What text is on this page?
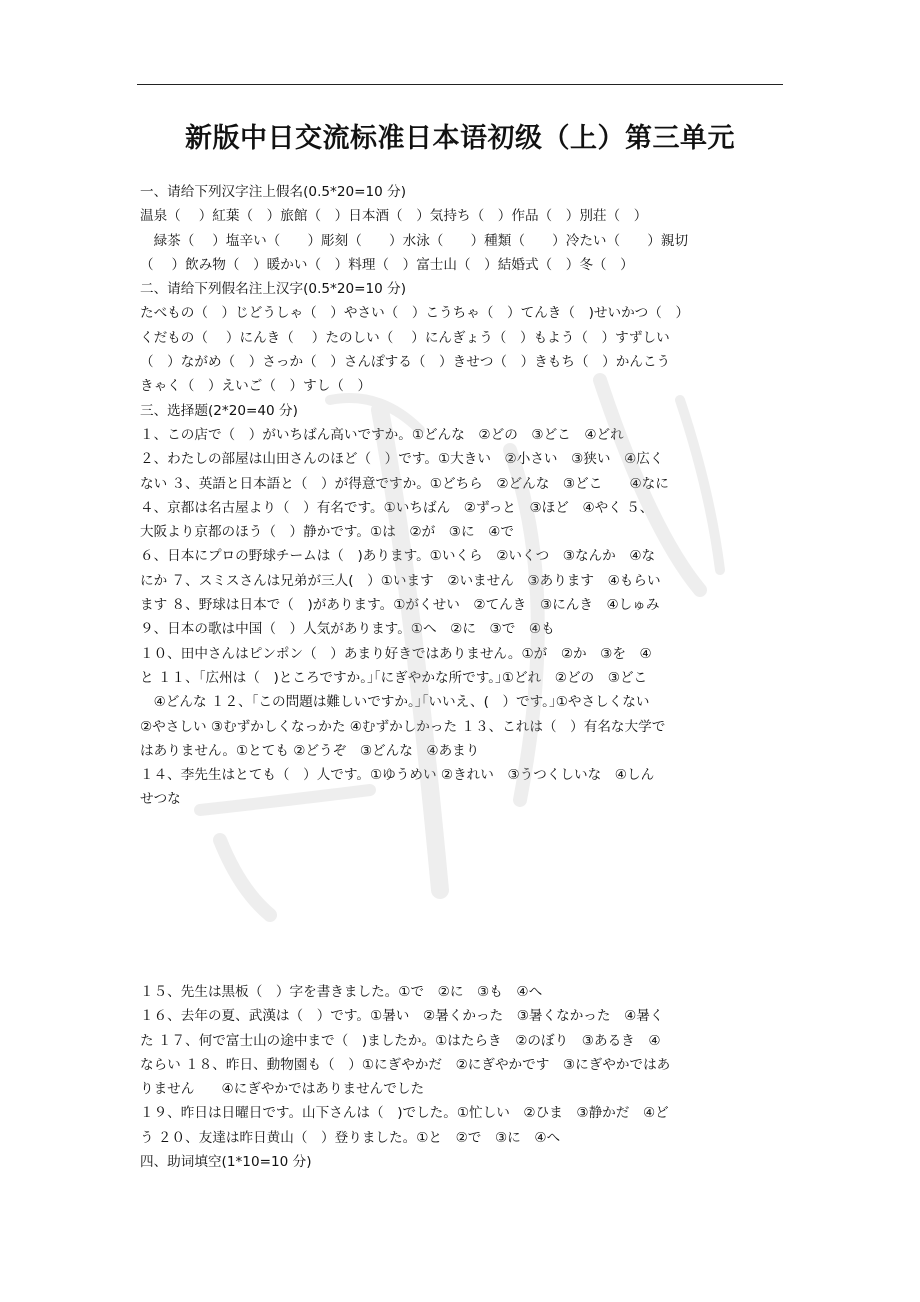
新版中日交流标准日本语初级（上）第三单元
一、请给下列汉字注上假名(0.5*20=10 分)
温泉（　 ）紅葉（　）旅館（　）日本酒（　）気持ち（　）作品（　）別荘（　）
　緑茶（　 ）塩辛い（　　）彫刻（　　）水泳（　　）種類（　　）冷たい（　　）親切
（　 ）飲み物（　）暖かい（　）料理（　）富士山（　）結婚式（　）冬（　）
二、请给下列假名注上汉字(0.5*20=10 分)
たべもの（　）じどうしゃ（　）やさい（　）こうちゃ（　）てんき（　)せいかつ（　）
くだもの（　 ）にんき（　 ）たのしい（　 ）にんぎょう（　）もよう（　）すずしい
（　）ながめ（　）さっか（　）さんぽする（　）きせつ（　）きもち（　）かんこう
きゃく（　）えいご（　）すし（　）
三、选择题(2*20=40 分)
１、この店で（　）がいちばん高いですか。①どんな　②どの　③どこ　④どれ
２、わたしの部屋は山田さんのほど（　）です。①大きい　②小さい　③狭い　④広く
ない ３、英語と日本語と（　）が得意ですか。①どちら　②どんな　③どこ　　④なに
４、京都は名古屋より（　）有名です。①いちばん　②ずっと　③ほど　④やく ５、
大阪より京都のほう（　）静かです。①は　②が　③に　④で
６、日本にプロの野球チームは（　)あります。①いくら　②いくつ　③なんか　④な
にか ７、スミスさんは兄弟が三人(　）①います　②いません　③あります　④もらい
ます ８、野球は日本で（　)があります。①がくせい　②てんき　③にんき　④しゅみ
９、日本の歌は中国（　）人気があります。①へ　②に　③で　④も
１０、田中さんはピンポン（　）あまり好きではありません。①が　②か　③を　④
と １１、｢広州は（　)ところですか。｣｢にぎやかな所です。｣①どれ　②どの　③どこ
　④どんな １２、｢この問題は難しいですか。｣｢いいえ、(　）です。｣①やさしくない
②やさしい ③むずかしくなっかた ④むずかしかった １３、これは（　）有名な大学で
はありません。①とても ②どうぞ　③どんな　④あまり
１４、李先生はとても（　）人です。①ゆうめい ②きれい　③うつくしいな　④しん
せつな
１５、先生は黒板（　）字を書きました。①で　②に　③も　④へ
１６、去年の夏、武漢は（　）です。①暑い　②暑くかった　③暑くなかった　④暑く
た １７、何で富士山の途中まで（　)ましたか。①はたらき　②のぼり　③あるき　④
ならい １８、昨日、動物園も（　）①にぎやかだ　②にぎやかです　③にぎやかではあ
りません　　④にぎやかではありませんでした
１９、昨日は日曜日です。山下さんは（　)でした。①忙しい　②ひま　③静かだ　④ど
う ２０、友達は昨日黄山（　）登りました。①と　②で　③に　④へ
四、助词填空(1*10=10 分)
